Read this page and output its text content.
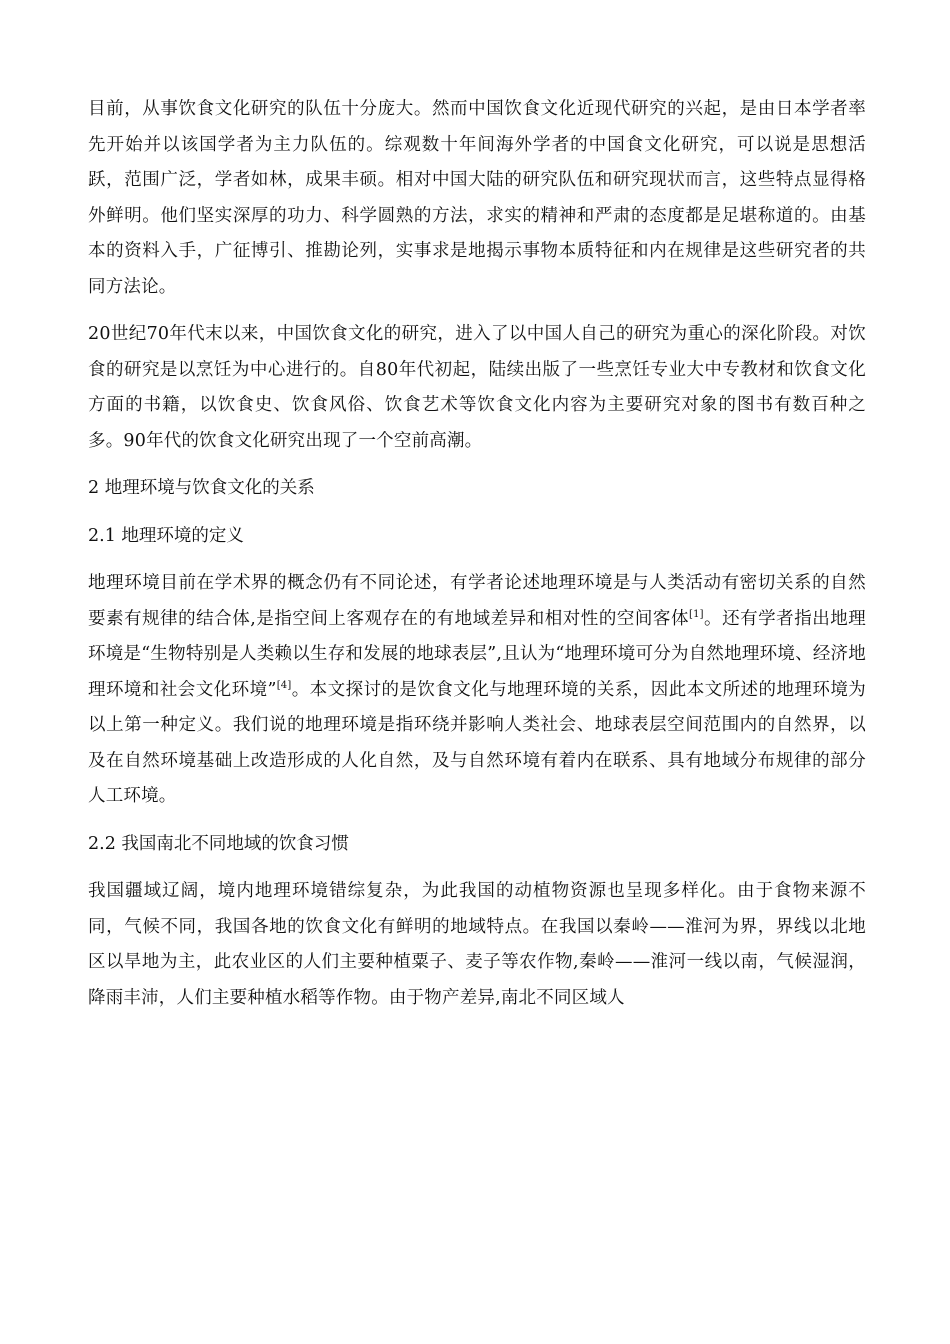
目前，从事饮食文化研究的队伍十分庞大。然而中国饮食文化近现代研究的兴起，是由日本学者率先开始并以该国学者为主力队伍的。综观数十年间海外学者的中国食文化研究，可以说是思想活跃，范围广泛，学者如林，成果丰硕。相对中国大陆的研究队伍和研究现状而言，这些特点显得格外鲜明。他们坚实深厚的功力、科学圆熟的方法，求实的精神和严肃的态度都是足堪称道的。由基本的资料入手，广征博引、推勘论列，实事求是地揭示事物本质特征和内在规律是这些研究者的共同方法论。

20世纪70年代末以来，中国饮食文化的研究，进入了以中国人自己的研究为重心的深化阶段。对饮食的研究是以烹饪为中心进行的。自80年代初起，陆续出版了一些烹饪专业大中专教材和饮食文化方面的书籍，以饮食史、饮食风俗、饮食艺术等饮食文化内容为主要研究对象的图书有数百种之多。90年代的饮食文化研究出现了一个空前高潮。

2 地理环境与饮食文化的关系

2.1 地理环境的定义

地理环境目前在学术界的概念仍有不同论述，有学者论述地理环境是与人类活动有密切关系的自然要素有规律的结合体,是指空间上客观存在的有地域差异和相对性的空间客体[1]。还有学者指出地理环境是“生物特别是人类赖以生存和发展的地球表层”,且认为“地理环境可分为自然地理环境、经济地理环境和社会文化环境”[4]。本文探讨的是饮食文化与地理环境的关系，因此本文所述的地理环境为以上第一种定义。我们说的地理环境是指环绕并影响人类社会、地球表层空间范围内的自然界，以及在自然环境基础上改造形成的人化自然，及与自然环境有着内在联系、具有地域分布规律的部分人工环境。

2.2 我国南北不同地域的饮食习惯

我国疆域辽阔，境内地理环境错综复杂，为此我国的动植物资源也呈现多样化。由于食物来源不同，气候不同，我国各地的饮食文化有鲜明的地域特点。在我国以秦岭——淮河为界，界线以北地区以旱地为主，此农业区的人们主要种植粟子、麦子等农作物,秦岭——淮河一线以南，气候湿润，降雨丰沛，人们主要种植水稻等作物。由于物产差异,南北不同区域人
